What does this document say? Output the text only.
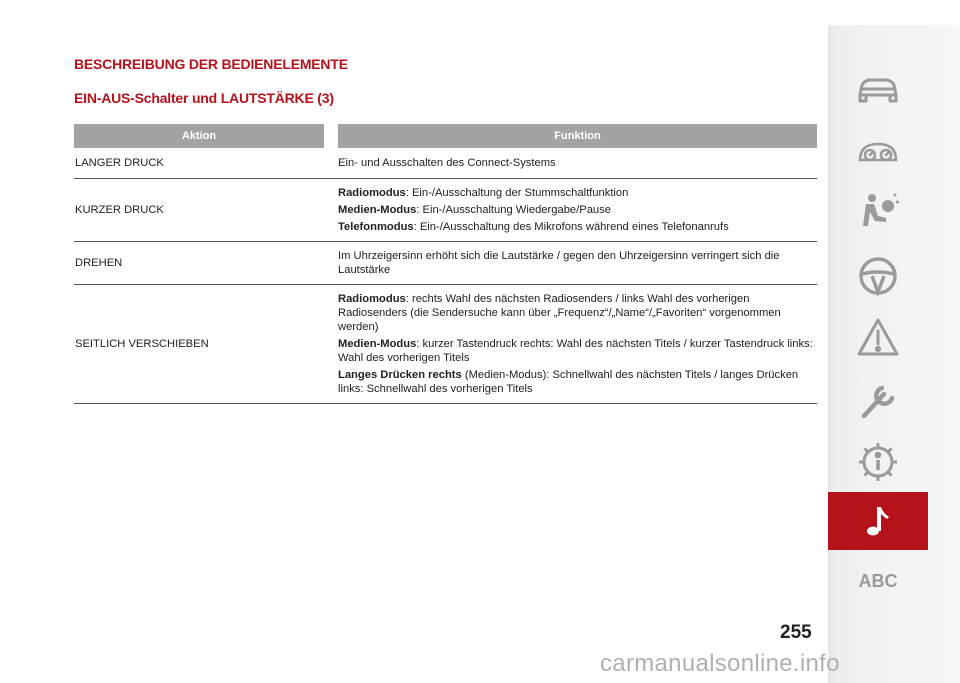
BESCHREIBUNG DER BEDIENELEMENTE
EIN-AUS-Schalter und LAUTSTÄRKE (3)
Aktion		Funktion
LANGER DRUCK		Ein- und Ausschalten des Connect-Systems

KURZER DRUCK		Radiomodus: Ein-/Ausschaltung der Stummschaltfunktion
Medien-Modus: Ein-/Ausschaltung Wiedergabe/Pause
Telefonmodus: Ein-/Ausschaltung des Mikrofons während eines Telefonanrufs

DREHEN		Im Uhrzeigersinn erhöht sich die Lautstärke / gegen den Uhrzeigersinn verringert sich die Lautstärke

SEITLICH VERSCHIEBEN		Radiomodus: rechts Wahl des nächsten Radiosenders / links Wahl des vorherigen Radiosenders (die Sendersuche kann über „Frequenz“/„Name“/„Favoriten“ vorgenommen werden)
Medien-Modus: kurzer Tastendruck rechts: Wahl des nächsten Titels / kurzer Tastendruck links: Wahl des vorherigen Titels
Langes Drücken rechts (Medien-Modus): Schnellwahl des nächsten Titels / langes Drücken links: Schnellwahl des vorherigen Titels
ABC
255
carmanualsonline.info
